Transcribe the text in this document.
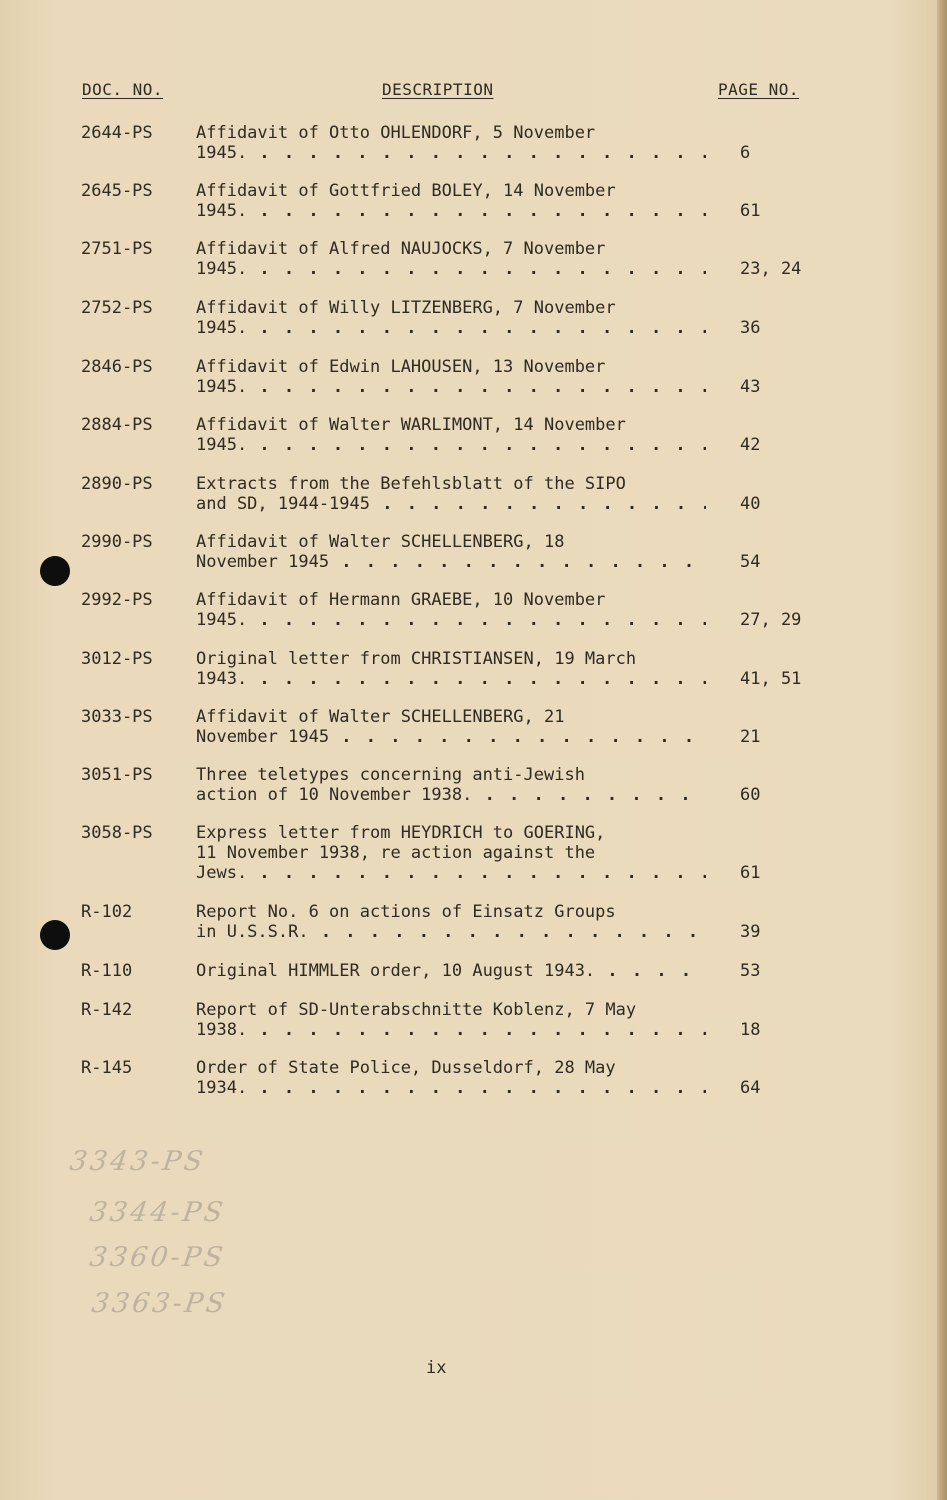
DOC. NO.	DESCRIPTION	PAGE NO.
2644-PS	Affidavit of Otto OHLENDORF, 5 November
1945. . . .	6
2645-PS	Affidavit of Gottfried BOLEY, 14 November
1945. . . .	61
2751-PS	Affidavit of Alfred NAUJOCKS, 7 November
1945. . . .	23, 24
2752-PS	Affidavit of Willy LITZENBERG, 7 November
1945. . . .	36
2846-PS	Affidavit of Edwin LAHOUSEN, 13 November
1945. . . .	43
2884-PS	Affidavit of Walter WARLIMONT, 14 November
1945. . . .	42
2890-PS	Extracts from the Befehlsblatt of the SIPO
and SD, 1944-1945 . . .	40
2990-PS	Affidavit of Walter SCHELLENBERG, 18
November 1945 . . .	54
2992-PS	Affidavit of Hermann GRAEBE, 10 November
1945. . . .	27, 29
3012-PS	Original letter from CHRISTIANSEN, 19 March
1943. . . .	41, 51
3033-PS	Affidavit of Walter SCHELLENBERG, 21
November 1945 . . .	21
3051-PS	Three teletypes concerning anti-Jewish
action of 10 November 1938. . . .	60
3058-PS	Express letter from HEYDRICH to GOERING,
11 November 1938, re action against the
Jews. . . .	61
R-102	Report No. 6 on actions of Einsatz Groups
in U.S.S.R. . . .	39
R-110	Original HIMMLER order, 10 August 1943. . . .	53
R-142	Report of SD-Unterabschnitte Koblenz, 7 May
1938. . . .	18
R-145	Order of State Police, Dusseldorf, 28 May
1934. . . .	64
3343-PS
3344-PS
3360-PS
3363-PS
ix
